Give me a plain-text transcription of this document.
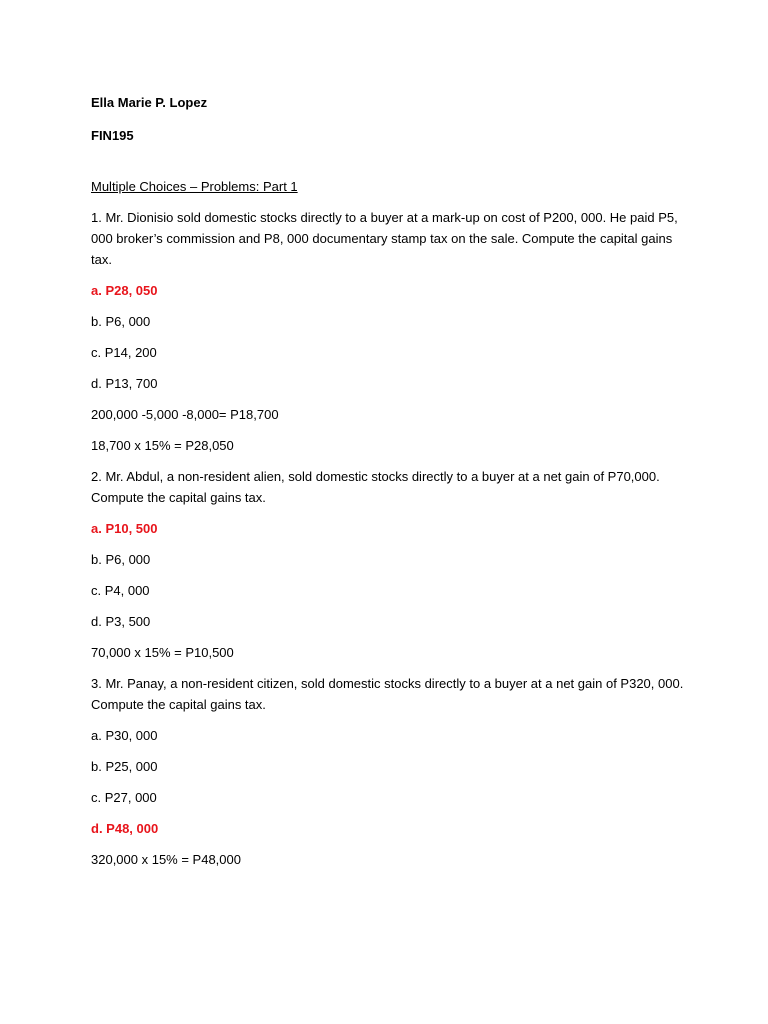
Ella Marie P. Lopez

FIN195

Multiple Choices – Problems: Part 1

1. Mr. Dionisio sold domestic stocks directly to a buyer at a mark-up on cost of P200, 000. He paid P5, 000 broker’s commission and P8, 000 documentary stamp tax on the sale. Compute the capital gains tax.

a. P28, 050

b. P6, 000

c. P14, 200

d. P13, 700

200,000 -5,000 -8,000= P18,700

18,700 x 15% = P28,050

2. Mr. Abdul, a non-resident alien, sold domestic stocks directly to a buyer at a net gain of P70,000. Compute the capital gains tax.

a. P10, 500

b. P6, 000

c. P4, 000

d. P3, 500

70,000 x 15% = P10,500

3. Mr. Panay, a non-resident citizen, sold domestic stocks directly to a buyer at a net gain of P320, 000. Compute the capital gains tax.

a. P30, 000

b. P25, 000

c. P27, 000

d. P48, 000

320,000 x 15% = P48,000
